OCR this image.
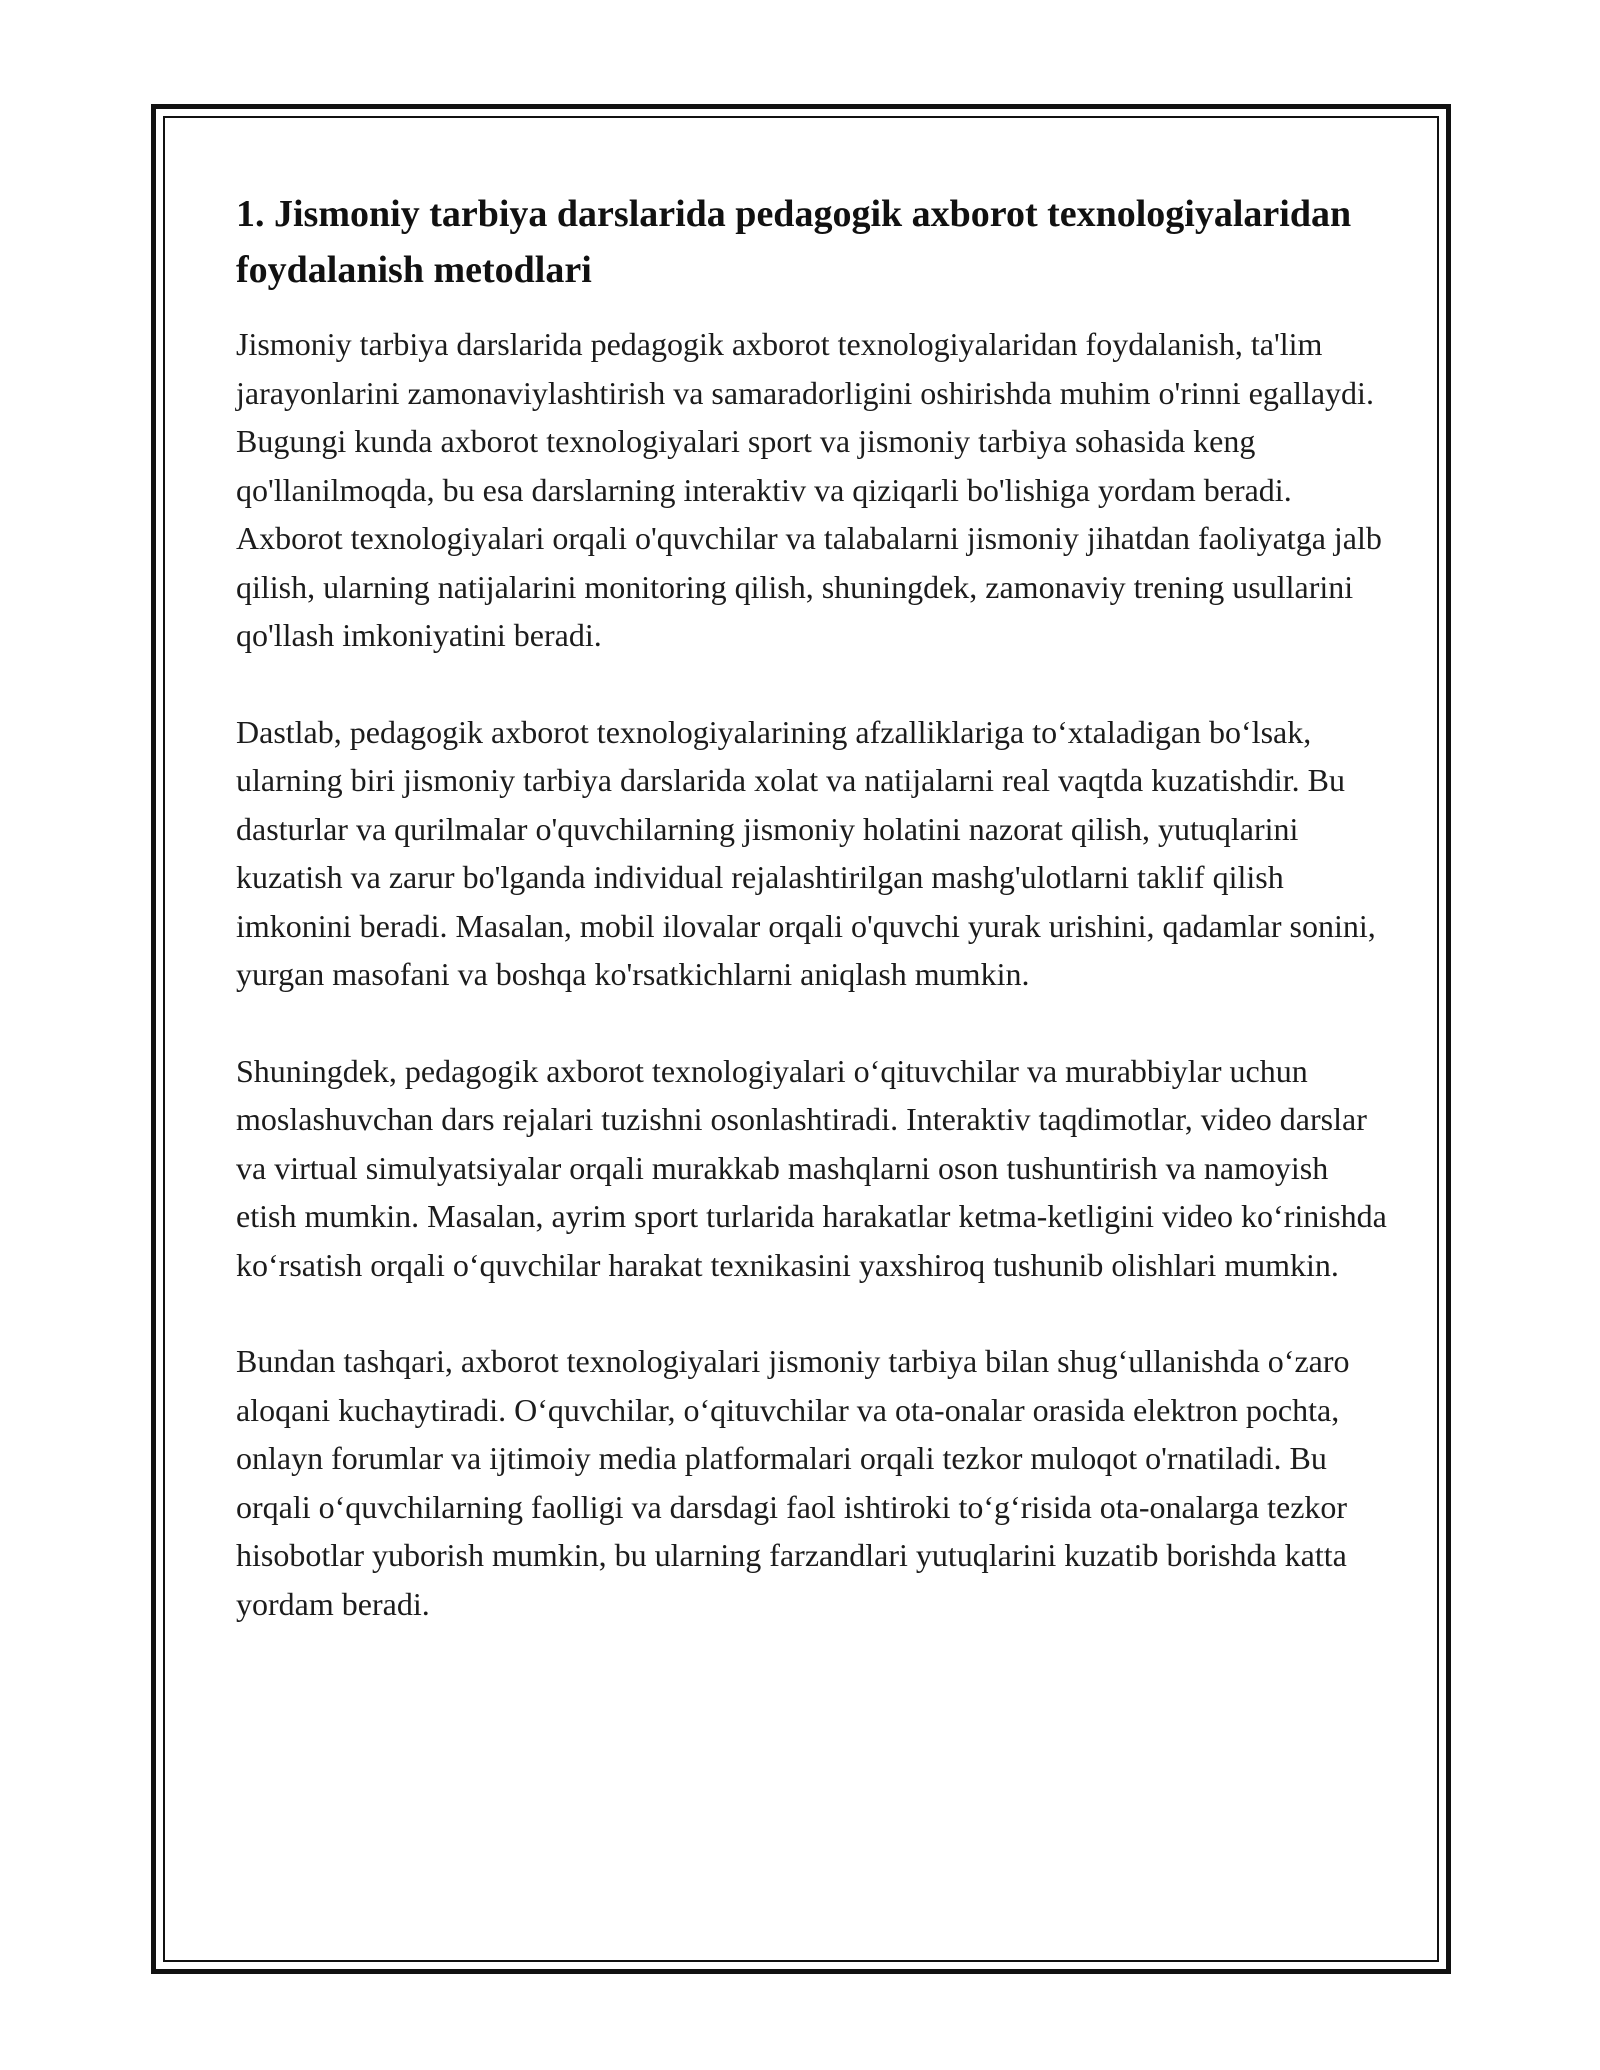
1. Jismoniy tarbiya darslarida pedagogik axborot texnologiyalaridan foydalanish metodlari

Jismoniy tarbiya darslarida pedagogik axborot texnologiyalaridan foydalanish, ta'lim jarayonlarini zamonaviylashtirish va samaradorligini oshirishda muhim o'rinni egallaydi. Bugungi kunda axborot texnologiyalari sport va jismoniy tarbiya sohasida keng qo'llanilmoqda, bu esa darslarning interaktiv va qiziqarli bo'lishiga yordam beradi. Axborot texnologiyalari orqali o'quvchilar va talabalarni jismoniy jihatdan faoliyatga jalb qilish, ularning natijalarini monitoring qilish, shuningdek, zamonaviy trening usullarini qo'llash imkoniyatini beradi.

Dastlab, pedagogik axborot texnologiyalarining afzalliklariga to‘xtaladigan bo‘lsak, ularning biri jismoniy tarbiya darslarida xolat va natijalarni real vaqtda kuzatishdir. Bu dasturlar va qurilmalar o'quvchilarning jismoniy holatini nazorat qilish, yutuqlarini kuzatish va zarur bo'lganda individual rejalashtirilgan mashg'ulotlarni taklif qilish imkonini beradi. Masalan, mobil ilovalar orqali o'quvchi yurak urishini, qadamlar sonini, yurgan masofani va boshqa ko'rsatkichlarni aniqlash mumkin.

Shuningdek, pedagogik axborot texnologiyalari o‘qituvchilar va murabbiylar uchun moslashuvchan dars rejalari tuzishni osonlashtiradi. Interaktiv taqdimotlar, video darslar va virtual simulyatsiyalar orqali murakkab mashqlarni oson tushuntirish va namoyish etish mumkin. Masalan, ayrim sport turlarida harakatlar ketma-ketligini video ko‘rinishda ko‘rsatish orqali o‘quvchilar harakat texnikasini yaxshiroq tushunib olishlari mumkin.

Bundan tashqari, axborot texnologiyalari jismoniy tarbiya bilan shug‘ullanishda o‘zaro aloqani kuchaytiradi. O‘quvchilar, o‘qituvchilar va ota-onalar orasida elektron pochta, onlayn forumlar va ijtimoiy media platformalari orqali tezkor muloqot o'rnatiladi. Bu orqali o‘quvchilarning faolligi va darsdagi faol ishtiroki to‘g‘risida ota-onalarga tezkor hisobotlar yuborish mumkin, bu ularning farzandlari yutuqlarini kuzatib borishda katta yordam beradi.
